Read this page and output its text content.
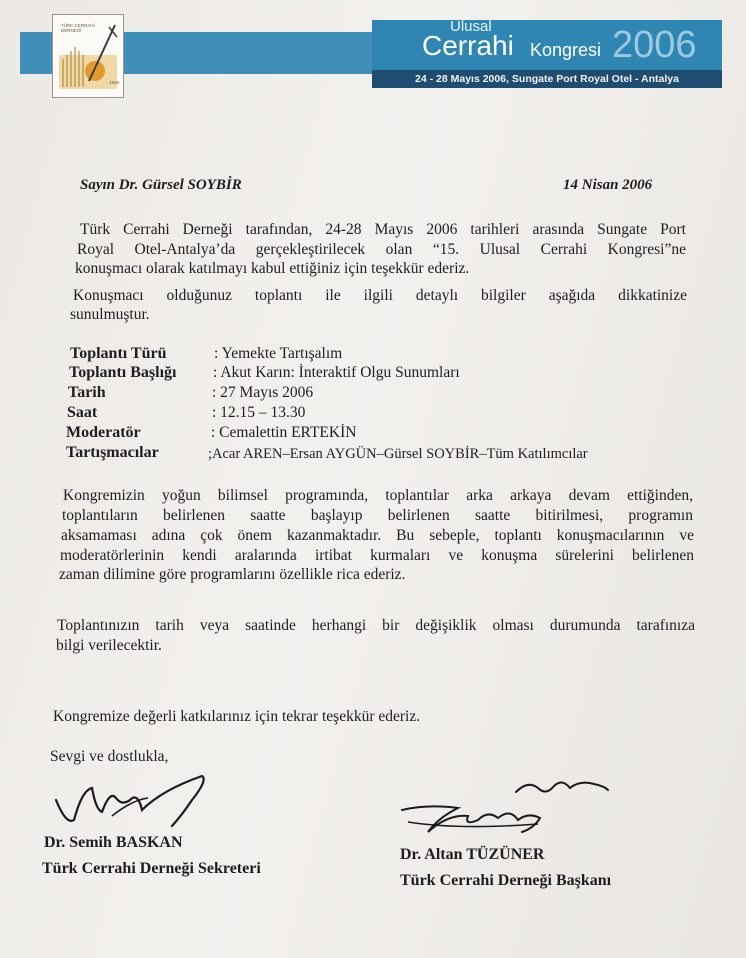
2006
Ulusal
Cerrahi Kongresi
24 - 28 Mayıs 2006, Sungate Port Royal Otel - Antalya
TÜRK CERRAHİ DERNEĞİ
1929
Sayın Dr. Gürsel SOYBİR	14 Nisan 2006
Türk Cerrahi Derneği tarafından, 24-28 Mayıs 2006 tarihleri arasında Sungate Port
Royal Otel-Antalya’da gerçekleştirilecek olan “15. Ulusal Cerrahi Kongresi”ne
konuşmacı olarak katılmayı kabul ettiğiniz için teşekkür ederiz.
Konuşmacı olduğunuz toplantı ile ilgili detaylı bilgiler aşağıda dikkatinize
sunulmuştur.
Toplantı Türü	: Yemekte Tartışalım
Toplantı Başlığı : Akut Karın: İnteraktif Olgu Sunumları
Tarih	: 27 Mayıs 2006
Saat	: 12.15 – 13.30
Moderatör	: Cemalettin ERTEKİN
Tartışmacılar	;Acar AREN–Ersan AYGÜN–Gürsel SOYBİR–Tüm Katılımcılar
Kongremizin yoğun bilimsel programında, toplantılar arka arkaya devam ettiğinden,
toplantıların belirlenen saatte başlayıp belirlenen saatte bitirilmesi, programın
aksamaması adına çok önem kazanmaktadır. Bu sebeple, toplantı konuşmacılarının ve
moderatörlerinin kendi aralarında irtibat kurmaları ve konuşma sürelerini belirlenen
zaman dilimine göre programlarını özellikle rica ederiz.
Toplantınızın tarih veya saatinde herhangi bir değişiklik olması durumunda tarafınıza
bilgi verilecektir.
Kongremize değerli katkılarınız için tekrar teşekkür ederiz.
Sevgi ve dostlukla,
Dr. Semih BASKAN
Türk Cerrahi Derneği Sekreteri
Dr. Altan TÜZÜNER
Türk Cerrahi Derneği Başkanı
